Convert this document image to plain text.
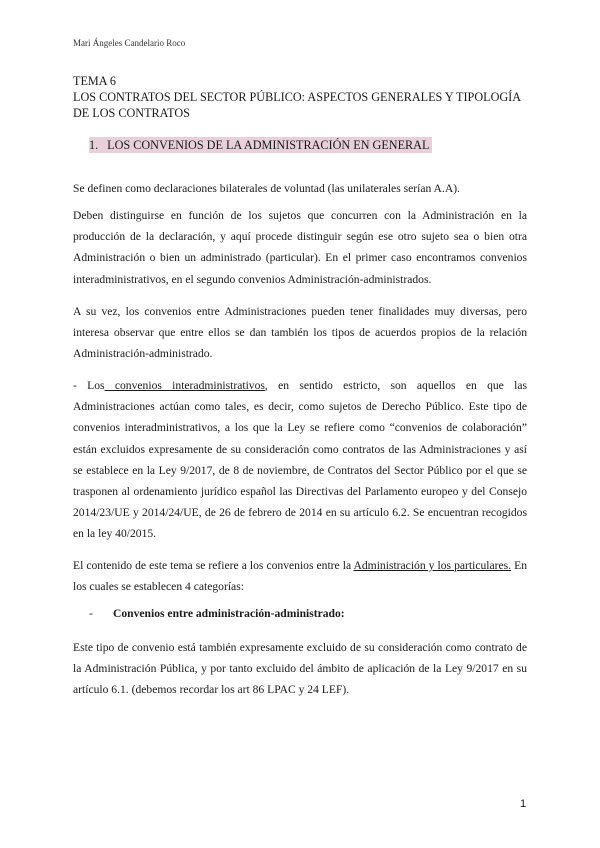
Mari Ángeles Candelario Roco
TEMA 6
LOS CONTRATOS DEL SECTOR PÚBLICO: ASPECTOS GENERALES Y TIPOLOGÍA DE LOS CONTRATOS
1. LOS CONVENIOS DE LA ADMINISTRACIÓN EN GENERAL

Se definen como declaraciones bilaterales de voluntad (las unilaterales serían A.A).

Deben distinguirse en función de los sujetos que concurren con la Administración en la producción de la declaración, y aquí procede distinguir según ese otro sujeto sea o bien otra Administración o bien un administrado (particular). En el primer caso encontramos convenios interadministrativos, en el segundo convenios Administración-administrados.

A su vez, los convenios entre Administraciones pueden tener finalidades muy diversas, pero interesa observar que entre ellos se dan también los tipos de acuerdos propios de la relación Administración-administrado.

- Los convenios interadministrativos, en sentido estricto, son aquellos en que las Administraciones actúan como tales, es decir, como sujetos de Derecho Público. Este tipo de convenios interadministrativos, a los que la Ley se refiere como “convenios de colaboración” están excluidos expresamente de su consideración como contratos de las Administraciones y así se establece en la Ley 9/2017, de 8 de noviembre, de Contratos del Sector Público por el que se trasponen al ordenamiento jurídico español las Directivas del Parlamento europeo y del Consejo 2014/23/UE y 2014/24/UE, de 26 de febrero de 2014 en su artículo 6.2. Se encuentran recogidos en la ley 40/2015.

El contenido de este tema se refiere a los convenios entre la Administración y los particulares. En los cuales se establecen 4 categorías:

- Convenios entre administración-administrado:

Este tipo de convenio está también expresamente excluido de su consideración como contrato de la Administración Pública, y por tanto excluido del ámbito de aplicación de la Ley 9/2017 en su artículo 6.1. (debemos recordar los art 86 LPAC y 24 LEF).

1
